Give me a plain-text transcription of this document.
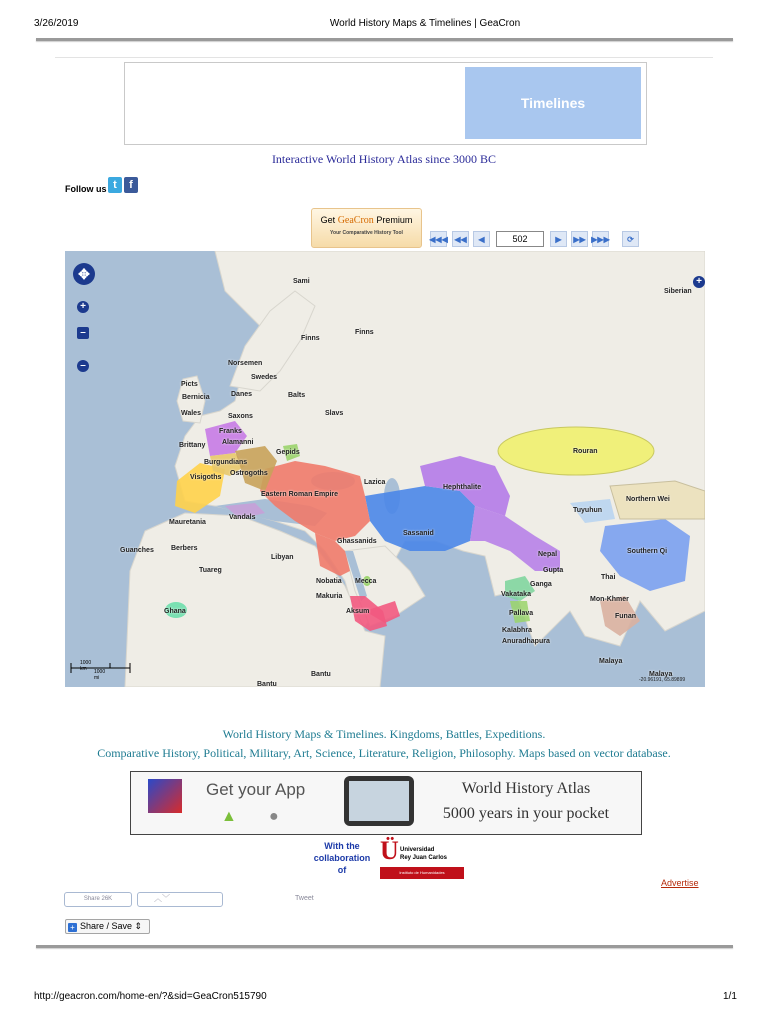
3/26/2019	World History Maps & Timelines | GeaCron
Timelines
Interactive World History Atlas since 3000 BC
Follow us t	f
Get GeaCron Premium
Your Comparative History Tool
◀◀◀ ◀◀	◀	502	▶	▶▶ ▶▶▶	⟳
✥
+
–
–
+
Sami
Siberian
Finns
Finns
Norsemen
Swedes
Picts
Danes	Balts
Bernicia
Wales	Saxons	Slavs
Franks
Alamanni
Brittany
Gepids	Rouran
Burgundians
Ostrogoths
Visigoths
Lazica
Hephthalite
Eastern Roman Empire
Northern Wei
Tuyuhun
Mauretania
Vandals
Sassanid
Ghassanids
Guanches Berbers
Libyan	Nepal	Southern Qi
Gupta
Tuareg
Thai
Nobatia Mecca	Ganga
Makuria	Vakataka
Mon-Khmer
Ghana	Aksum	Pallava	Funan
Kalabhra
Anuradhapura
Malaya
Bantu
Bantu
Malaya
1000 km	1000 mi	-20.96191, 65.89899
World History Maps & Timelines. Kingdoms, Battles, Expeditions.
Comparative History, Political, Military, Art, Science, Literature, Religion, Philosophy. Maps based on vector database.
Get your App
▲ ●
World History Atlas
5000 years in your pocket
With the collaboration of
Ü Universidad
Rey Juan Carlos
Instituto de Humanidades
Advertise
Share 26K	︿﹀	Tweet
+ Share / Save ⇕
http://geacron.com/home-en/?&sid=GeaCron515790	1/1
